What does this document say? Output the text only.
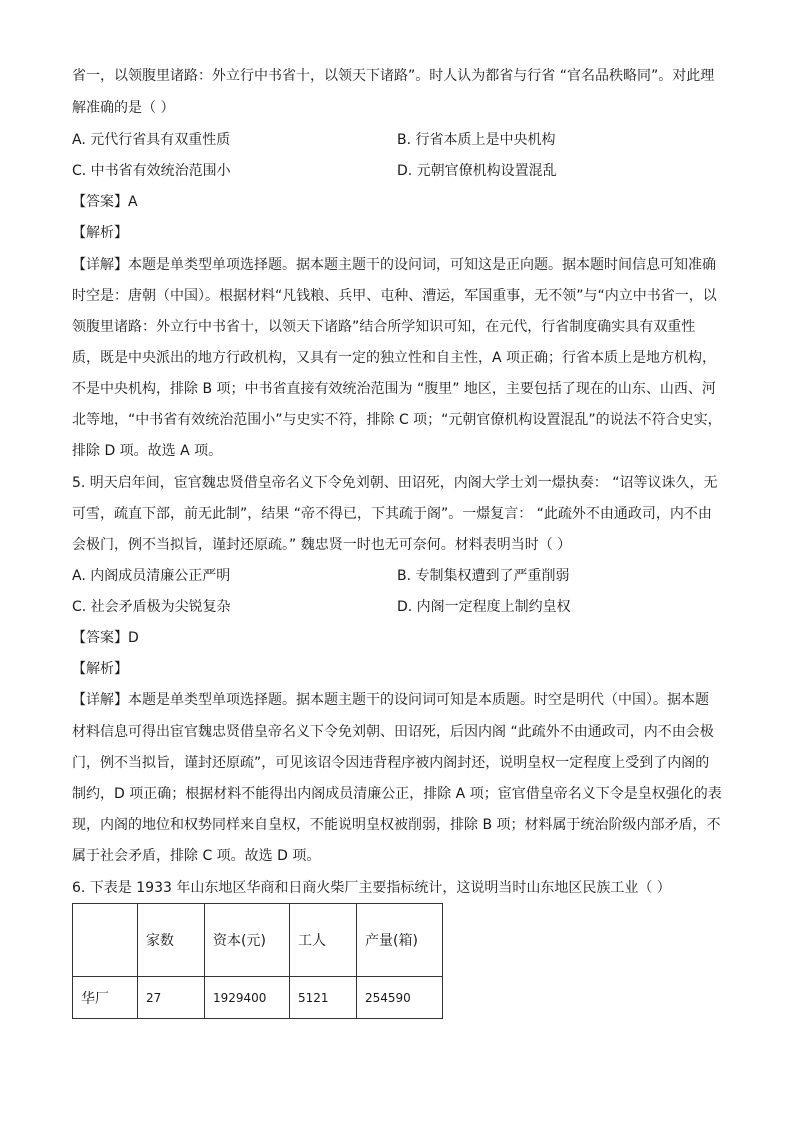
省一，以领腹里诸路：外立行中书省十，以领天下诸路”。时人认为都省与行省 “官名品秩略同”。对此理
解准确的是（ ）
A. 元代行省具有双重性质	B. 行省本质上是中央机构
C. 中书省有效统治范围小	D. 元朝官僚机构设置混乱
【答案】A
【解析】
【详解】本题是单类型单项选择题。据本题主题干的设问词，可知这是正向题。据本题时间信息可知准确
时空是：唐朝（中国）。根据材料“凡钱粮、兵甲、屯种、漕运，军国重事，无不领”与“内立中书省一，以
领腹里诸路：外立行中书省十，以领天下诸路”结合所学知识可知，在元代，行省制度确实具有双重性
质，既是中央派出的地方行政机构，又具有一定的独立性和自主性，A 项正确；行省本质上是地方机构，
不是中央机构，排除 B 项；中书省直接有效统治范围为 “腹里” 地区，主要包括了现在的山东、山西、河
北等地，“中书省有效统治范围小”与史实不符，排除 C 项；“元朝官僚机构设置混乱”的说法不符合史实，
排除 D 项。故选 A 项。
5. 明天启年间，宦官魏忠贤借皇帝名义下令免刘朝、田诏死，内阁大学士刘一燝执奏： “诏等议诛久，无
可雪，疏直下部，前无此制”，结果 “帝不得已，下其疏于阁”。一燝复言： “此疏外不由通政司，内不由
会极门，例不当拟旨，谨封还原疏。” 魏忠贤一时也无可奈何。材料表明当时（ ）
A. 内阁成员清廉公正严明	B. 专制集权遭到了严重削弱
C. 社会矛盾极为尖锐复杂	D. 内阁一定程度上制约皇权
【答案】D
【解析】
【详解】本题是单类型单项选择题。据本题主题干的设问词可知是本质题。时空是明代（中国）。据本题
材料信息可得出宦官魏忠贤借皇帝名义下令免刘朝、田诏死，后因内阁 “此疏外不由通政司，内不由会极
门，例不当拟旨，谨封还原疏”，可见该诏令因违背程序被内阁封还，说明皇权一定程度上受到了内阁的
制约，D 项正确；根据材料不能得出内阁成员清廉公正，排除 A 项；宦官借皇帝名义下令是皇权强化的表
现，内阁的地位和权势同样来自皇权，不能说明皇权被削弱，排除 B 项；材料属于统治阶级内部矛盾，不
属于社会矛盾，排除 C 项。故选 D 项。
6. 下表是 1933 年山东地区华商和日商火柴厂主要指标统计，这说明当时山东地区民族工业（ ）
	家数	资本(元)	工人	产量(箱)
华厂	27	1929400	5121	254590
